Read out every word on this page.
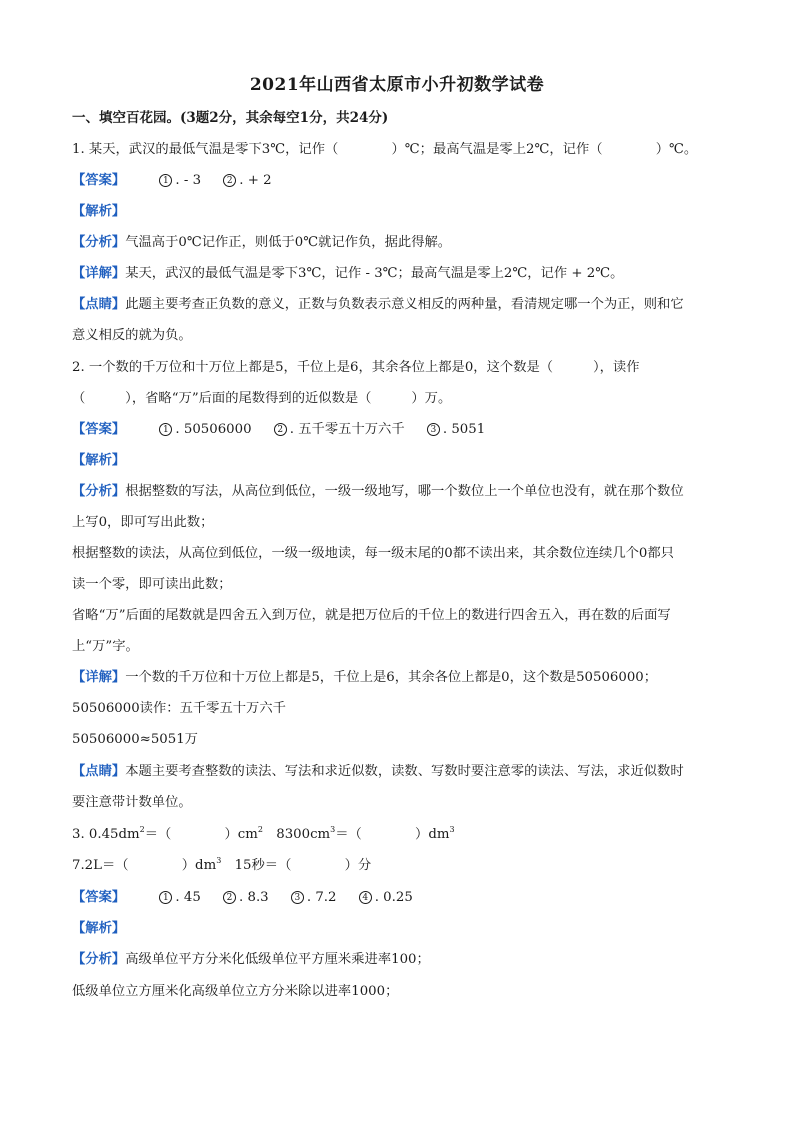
2021年山西省太原市小升初数学试卷
一、填空百花园。(3题2分，其余每空1分，共24分)
1. 某天，武汉的最低气温是零下3℃，记作（　　　　）℃；最高气温是零上2℃，记作（　　　　）℃。
【答案】	1 . - 3	2 . + 2
【解析】
【分析】气温高于0℃记作正，则低于0℃就记作负，据此得解。
【详解】某天，武汉的最低气温是零下3℃，记作 - 3℃；最高气温是零上2℃，记作 + 2℃。
【点睛】此题主要考查正负数的意义，正数与负数表示意义相反的两种量，看清规定哪一个为正，则和它
意义相反的就为负。
2. 一个数的千万位和十万位上都是5，千位上是6，其余各位上都是0，这个数是（　　　），读作
（　　　），省略“万”后面的尾数得到的近似数是（　　　）万。
【答案】	1 . 50506000	2 . 五千零五十万六千	3 . 5051
【解析】
【分析】根据整数的写法，从高位到低位，一级一级地写，哪一个数位上一个单位也没有，就在那个数位
上写0，即可写出此数；
根据整数的读法，从高位到低位，一级一级地读，每一级末尾的0都不读出来，其余数位连续几个0都只
读一个零，即可读出此数；
省略“万”后面的尾数就是四舍五入到万位，就是把万位后的千位上的数进行四舍五入，再在数的后面写
上“万”字。
【详解】一个数的千万位和十万位上都是5，千位上是6，其余各位上都是0，这个数是50506000；
50506000读作：五千零五十万六千
50506000≈5051万
【点睛】本题主要考查整数的读法、写法和求近似数，读数、写数时要注意零的读法、写法，求近似数时
要注意带计数单位。
3. $0.45dm^2=$（　　　　）$cm^2$　$8300cm^3=$（　　　　）$dm^3$
7.2L＝（　　　　）$dm^3$　15秒＝（　　　　）分
【答案】	1 . 45	2 . 8.3	3 . 7.2	4 . 0.25
【解析】
【分析】高级单位平方分米化低级单位平方厘米乘进率100；
低级单位立方厘米化高级单位立方分米除以进率1000；
